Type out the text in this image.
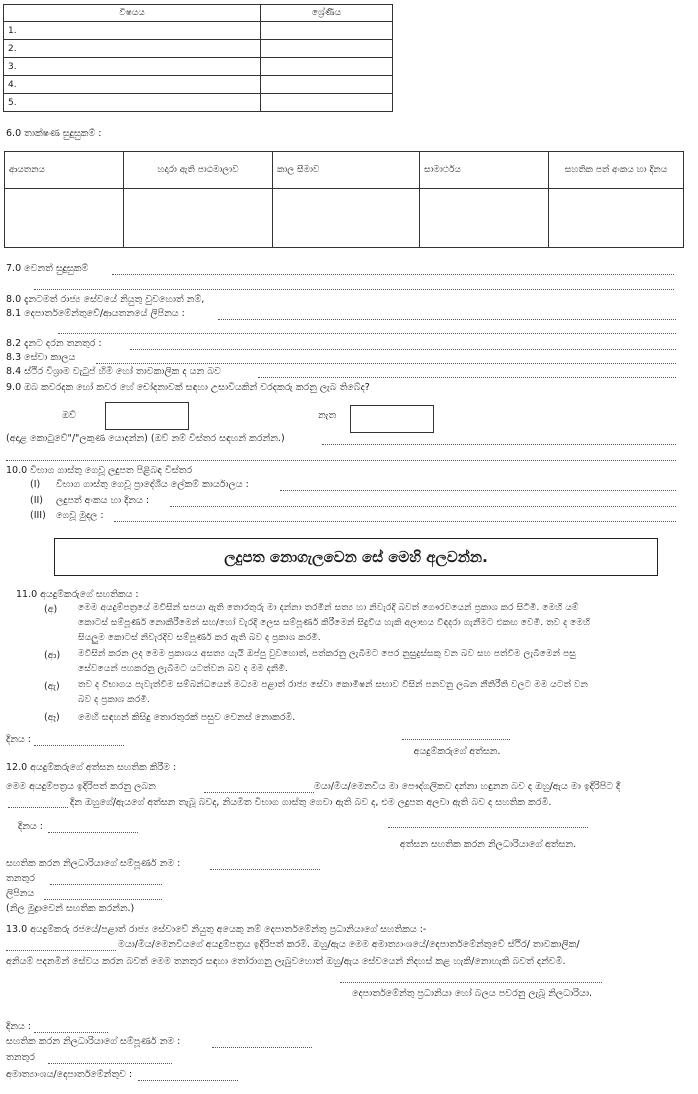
විෂයය	ශ්‍රේණිය
1.	
2.	
3.	
4.	
5.	
6.0 තාක්ෂණ සුදුසුකම් :
ආයතනය	හදාරා ඇති පාඨමාලාව	කාල සීමාව	සාමාර්ථය	සහතික පත් අංකය හා දිනය

7.0 වෙනත් සුදුසුකම්
8.0 දැනටමත් රාජ්‍ය සේවයේ නියුතු වුවහොත් නම්,
8.1 දෙපාර්තමේන්තුවේ/ආයතනයේ ලිපිනය :
8.2 දැනට දරන තනතුර :
8.3 සේවා කාලය
8.4 ස්ථිර විශ්‍රාම වැටුප් හිමි හෝ තාවකාලික ද යන බව
9.0 ඔබ කවරදක හෝ කවර හේ චෝදනාවක් සඳහා උසාවියකින් වරදකරු කරනු ලැබ තිබේද?
ඔව්	නැත
(අදාළ කොටුවේ"/"ලකුණ යොදන්න) (ඔව් නම් විස්තර සඳහන් කරන්න.)
10.0 විභාග ගාස්තු ගෙවූ ලදුපත පිළිබඳ විස්තර
(I) විභාග ගාස්තු ගෙවූ ප්‍රාදේශීය ලේකම් කාර්යාලය :
(II) ලදුපත් අංකය හා දිනය :
(III) ගෙවූ මුදල :
ලදුපත නොගැලවෙන සේ මෙහි අලවන්න.
11.0 අයදුම්කරුගේ සහතිකය :
(අ) මෙම අයදුම්පත්‍රයේ මවිසින් සපයා ඇති තොරතුරු මා දන්නා තරමින් සත්‍ය හා නිවැරදි බවත් ගෞරවයෙන් ප්‍රකාශ කර සිටිමි. මෙහි යම්
කොටස් සම්පූර්ණ නොකිරීමෙන් සහ/හෝ වැරදි ලෙස සම්පූර්ණ කිරීමෙන් සිදුවිය හැකි අලාභය විඳදරා ගැනීමට එකඟ වෙමි. තව ද මෙහි
සියලුම කොටස් නිවැරදිව සම්පූර්ණ කර ඇති බව ද ප්‍රකාශ කරමි.
(ආ) මවිසින් කරන ලද මෙම ප්‍රකාශය අසත්‍ය යැයි ඔප්පු වුවහොත්, පත්කරනු ලැබීමට පෙර නුසුදුස්සකු වන බව සහ පත්වීම ලැබීමෙන් පසු
සේවයෙන් පහකරනු ලැබීමට යටත්වන බව ද මම දනිමි.
(ඇ) තව ද විභාගය පැවැත්වීම සම්බන්ධයෙන් මධ්‍යම පළාත් රාජ්‍ය සේවා කොමිෂන් සභාව විසින් පනවනු ලබන නීතිරීති වලට මම යටත් වන
බව ද ප්‍රකාශ කරමි.
(ඈ) මෙහි සඳහන් කිසිදු තොරතුරක් පසුව වෙනස් නොකරමි.
දිනය :
අයදුම්කරුගේ අත්සන.
12.0 අයදුම්කරුගේ අත්සන සහතික කිරීම :
මෙම අයදුම්පත්‍රය ඉදිරිපත් කරනු ලබන	මයා/මිය/මෙනවිය මා පෞද්ගලිකව දන්නා හඳුනන බව ද ඔහු/ඇය මා ඉදිරිපිට දී
දින ඔහුගේ/ඇයගේ අත්සන තැබූ බවද, නියමිත විභාග ගාස්තු ගෙවා ඇති බව ද, එම ලදුපත අලවා ඇති බව ද සහතික කරමි.
දිනය :
අත්සන සහතික කරන නිලධාරියාගේ අත්සන.
සහතික කරන නිලධාරියාගේ සම්පූර්ණ නම :
තනතුර
ලිපිනය
(නිල මුද්‍රාවෙන් සහතික කරන්න.)
13.0 අයදුම්කරු රජයේ/පළාත් රාජ්‍ය සේවාවේ නියුතු අයෙකු නම් දෙපාර්තමේන්තු ප්‍රධානියාගේ සහතිකය :-
මයා/මිය/මෙනවියගේ අයදුම්පත්‍රය ඉදිරිපත් කරමි. ඔහු/ඇය මෙම අමාත්‍යාංශයේ/දෙපාර්තමේන්තුවේ ස්ථිර/ තාවකාලික/
අනියම් පදනමින් සේවය කරන බවත් මෙම තනතුර සඳහා තෝරාගනු ලැබුවහොත් ඔහු/ඇය සේවයෙන් නිදහස් කළ හැකි/නොහැකි බවත් දන්වමි.
දෙපාර්තමේන්තු ප්‍රධානියා හෝ බලය පවරනු ලැබූ නිලධාරියා.
දිනය :
සහතික කරන නිලධාරියාගේ සම්පූර්ණ නම :
තනතුර
අමාත්‍යාංශය/දෙපාර්තමේන්තුව :
